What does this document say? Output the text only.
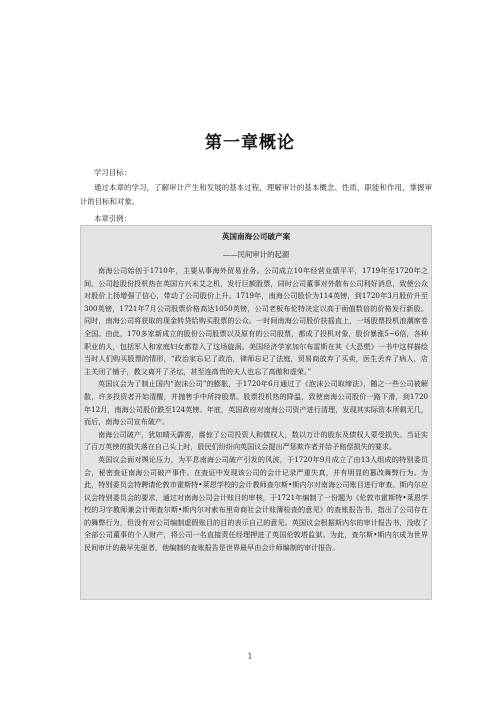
第一章概论
学习目标：
通过本章的学习，了解审计产生和发展的基本过程，理解审计的基本概念、性质、职能和作用，掌握审计的目标和对象。
本章引例：
英国南海公司破产案
——民间审计的起源

南海公司始创于1710年，主要从事海外贸易业务。公司成立10年经营业绩平平，1719年至1720年之间，公司趁股份投机热在英国方兴未艾之机，发行巨额股票，同时公司董事对外散布公司利好消息，致使公众对股价上扬增强了信心，带动了公司股价上升。1719年，南海公司股价为114英镑，到1720年3月股价升至300英镑，1721年7月公司股票价格高达1050英镑，公司老板布伦特决定以高于面值数倍的价格发行新股。同时，南海公司将获取的现金转贷给购买股票的公众。一时间南海公司股价扶摇直上，一场股票投机浪潮席卷全国。由此，170多家新成立的股份公司股票以及原有的公司股票，都成了投机对象，股价暴涨5~6倍，各种职业的人，包括军人和家庭妇女都卷入了这场旋涡。美国经济学家加尔布雷斯在其《大恐慌》一书中这样描绘当时人们购买股票的情形，“政治家忘记了政治，律师忘记了法庭，贸易商放弃了买卖，医生丢弃了病人，店主关闭了铺子，教父离开了圣坛，甚至连高贵的夫人也忘了高傲和虚荣。”

英国议会为了制止国内“泡沫公司”的膨胀，于1720年6月通过了《泡沫公司取缔法》，随之一些公司被解散，许多投资者开始清醒，并抛售手中所持股票。股票投机热的降温，致使南海公司股价一路下滑，到1720年12月，南海公司股价跌至124英镑。年底，英国政府对南海公司资产进行清理，发现其实际资本所剩无几，而后，南海公司宣布破产。

南海公司破产，犹如晴天霹雳，震惊了公司投资人和债权人，数以万计的股东及债权人蒙受损失。当证实了百万英镑的损失落在自己头上时，股民们纷纷向英国议会提出严惩欺诈者并给予赔偿损失的要求。

英国议会面对舆论压力，为平息南海公司破产引发的风波，于1720年9月成立了由13人组成的特别委员会，秘密查证南海公司破产事件。在查证中发现该公司的会计记录严重失真，并有明显的篡改舞弊行为。为此，特别委员会特聘请伦敦市霍斯特•莱恩学校的会计教师查尔斯•斯内尔对南海公司账目进行审查。斯内尔应议会特别委员会的要求，通过对南海公司会计账目的审核，于1721年编制了一份题为《伦敦市霍斯特•莱恩学校的习字教师兼会计师查尔斯•斯内尔对索布里奇商社会计账簿检查的意见》的查账报告书，指出了公司存在的舞弊行为，但没有对公司编制虚假账目的目的表示自己的意见。英国议会根据斯内尔的审计报告书，没收了全部公司董事的个人财产，将公司一名直接责任经理押进了英国伦敦塔监狱。为此，查尔斯•斯内尔成为世界民间审计的最早先驱者，他编制的查账报告是世界最早由会计师编制的审计报告。

1
